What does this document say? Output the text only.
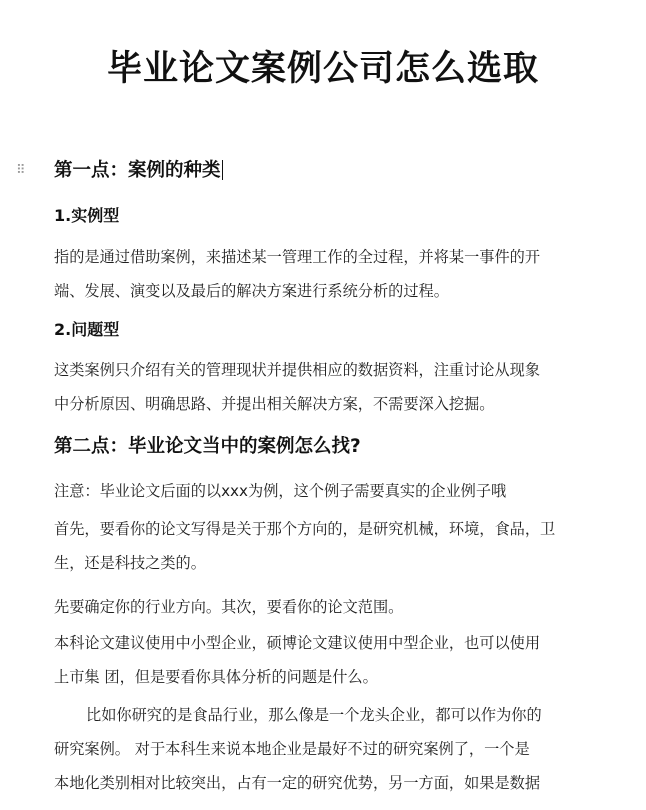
毕业论文案例公司怎么选取
⠿ 第一点：案例的种类
1.实例型
指的是通过借助案例，来描述某一管理工作的全过程，并将某一事件的开
端、发展、演变以及最后的解决方案进行系统分析的过程。
2.问题型
这类案例只介绍有关的管理现状并提供相应的数据资料，注重讨论从现象
中分析原因、明确思路、并提出相关解决方案，不需要深入挖掘。
第二点：毕业论文当中的案例怎么找?
注意：毕业论文后面的以xxx为例，这个例子需要真实的企业例子哦
首先，要看你的论文写得是关于那个方向的，是研究机械，环境，食品，卫
生，还是科技之类的。
先要确定你的行业方向。其次，要看你的论文范围。
本科论文建议使用中小型企业，硕博论文建议使用中型企业，也可以使用
上市集 团，但是要看你具体分析的问题是什么。
比如你研究的是食品行业，那么像是一个龙头企业，都可以作为你的
研究案例。 对于本科生来说本地企业是最好不过的研究案例了，一个是
本地化类别相对比较突出，占有一定的研究优势，另一方面，如果是数据
